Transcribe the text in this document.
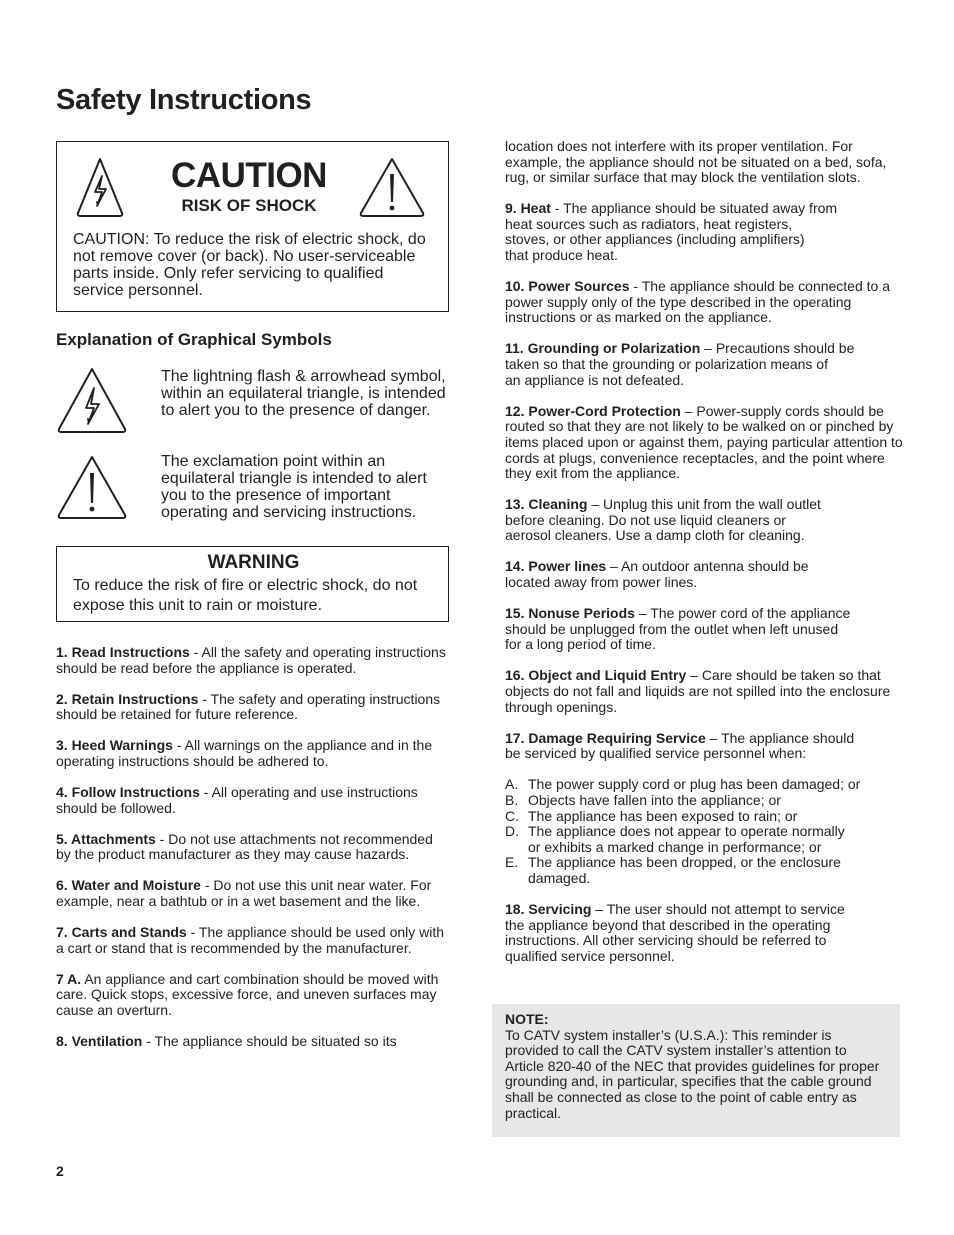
Safety Instructions
CAUTION
RISK OF SHOCK
CAUTION: To reduce the risk of electric shock, do not remove cover (or back). No user-serviceable parts inside. Only refer servicing to qualified service personnel.
Explanation of Graphical Symbols
The lightning flash & arrowhead symbol, within an equilateral triangle, is intended to alert you to the presence of danger.
The exclamation point within an equilateral triangle is intended to alert you to the presence of important operating and servicing instructions.
WARNING
To reduce the risk of fire or electric shock, do not expose this unit to rain or moisture.

1. Read Instructions - All the safety and operating instructions should be read before the appliance is operated.

2. Retain Instructions - The safety and operating instructions should be retained for future reference.

3. Heed Warnings - All warnings on the appliance and in the operating instructions should be adhered to.

4. Follow Instructions - All operating and use instructions should be followed.

5. Attachments - Do not use attachments not recommended by the product manufacturer as they may cause hazards.

6. Water and Moisture - Do not use this unit near water. For example, near a bathtub or in a wet basement and the like.

7. Carts and Stands - The appliance should be used only with a cart or stand that is recommended by the manufacturer.

7 A. An appliance and cart combination should be moved with care. Quick stops, excessive force, and uneven surfaces may cause an overturn.

8. Ventilation - The appliance should be situated so its

location does not interfere with its proper ventilation. For example, the appliance should not be situated on a bed, sofa, rug, or similar surface that may block the ventilation slots.

9. Heat - The appliance should be situated away from
heat sources such as radiators, heat registers,
stoves, or other appliances (including amplifiers)
that produce heat.

10. Power Sources - The appliance should be connected to a power supply only of the type described in the operating instructions or as marked on the appliance.

11. Grounding or Polarization – Precautions should be
taken so that the grounding or polarization means of
an appliance is not defeated.

12. Power-Cord Protection – Power-supply cords should be routed so that they are not likely to be walked on or pinched by items placed upon or against them, paying particular attention to cords at plugs, convenience receptacles, and the point where they exit from the appliance.

13. Cleaning – Unplug this unit from the wall outlet
before cleaning. Do not use liquid cleaners or
aerosol cleaners. Use a damp cloth for cleaning.

14. Power lines – An outdoor antenna should be
located away from power lines.

15. Nonuse Periods – The power cord of the appliance
should be unplugged from the outlet when left unused
for a long period of time.

16. Object and Liquid Entry – Care should be taken so that objects do not fall and liquids are not spilled into the enclosure through openings.

17. Damage Requiring Service – The appliance should
be serviced by qualified service personnel when:

A. The power supply cord or plug has been damaged; or
B. Objects have fallen into the appliance; or
C. The appliance has been exposed to rain; or
D. The appliance does not appear to operate normally
or exhibits a marked change in performance; or
E. The appliance has been dropped, or the enclosure
damaged.

18. Servicing – The user should not attempt to service
the appliance beyond that described in the operating
instructions. All other servicing should be referred to
qualified service personnel.

NOTE:
To CATV system installer’s (U.S.A.): This reminder is provided to call the CATV system installer’s attention to Article 820-40 of the NEC that provides guidelines for proper grounding and, in particular, specifies that the cable ground shall be connected as close to the point of cable entry as practical.
2
